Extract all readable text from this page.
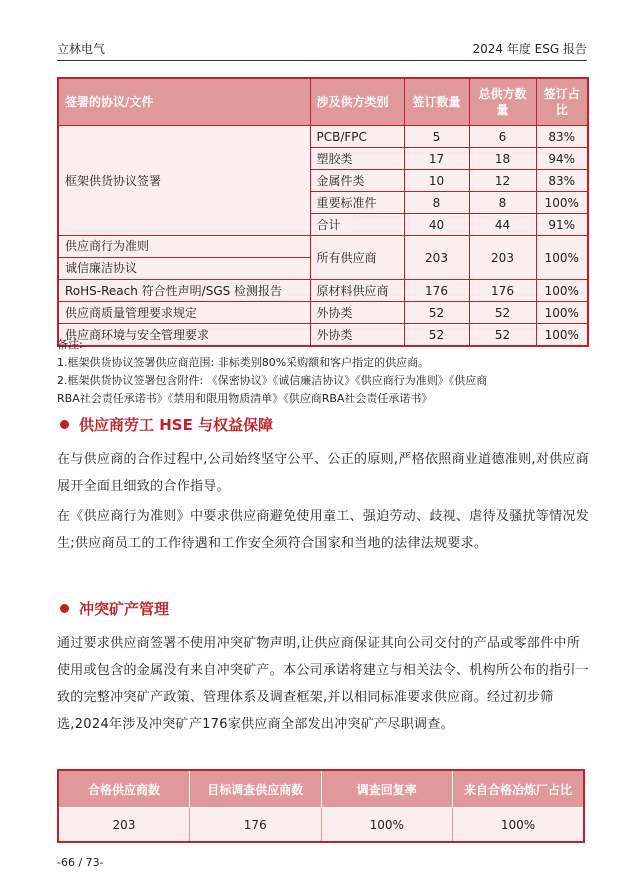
立林电气	2024 年度 ESG 报告
签署的协议/文件	涉及供方类别	签订数量	总供方数量	签订占比
框架供货协议签署	PCB/FPC	5	6	83%
	塑胶类	17	18	94%
	金属件类	10	12	83%
	重要标准件	8	8	100%
	合计	40	44	91%

供应商行为准则
诚信廉洁协议	所有供应商	203	203	100%
RoHS-Reach 符合性声明/SGS 检测报告	原材料供应商	176	176	100%
供应商质量管理要求规定	外协类	52	52	100%
供应商环境与安全管理要求	外协类	52	52	100%
备注:
1.框架供货协议签署供应商范围: 非标类别80%采购额和客户指定的供应商。
2.框架供货协议签署包含附件: 《保密协议》《诚信廉洁协议》《供应商行为准则》《供应商
RBA社会责任承诺书》《禁用和限用物质清单》《供应商RBA社会责任承诺书》
供应商劳工 HSE 与权益保障
在与供应商的合作过程中,公司始终坚守公平、公正的原则,严格依照商业道德准则,对供应商展开全面且细致的合作指导。
在《供应商行为准则》中要求供应商避免使用童工、强迫劳动、歧视、虐待及骚扰等情况发生;供应商员工的工作待遇和工作安全须符合国家和当地的法律法规要求。
冲突矿产管理
通过要求供应商签署不使用冲突矿物声明,让供应商保证其向公司交付的产品或零部件中所使用或包含的金属没有来自冲突矿产。本公司承诺将建立与相关法令、机构所公布的指引一致的完整冲突矿产政策、管理体系及调查框架,并以相同标准要求供应商。经过初步筛选,2024年涉及冲突矿产176家供应商全部发出冲突矿产尽职调查。
合格供应商数	目标调查供应商数	调查回复率	来自合格冶炼厂占比
203	176	100%	100%
-66 / 73-
